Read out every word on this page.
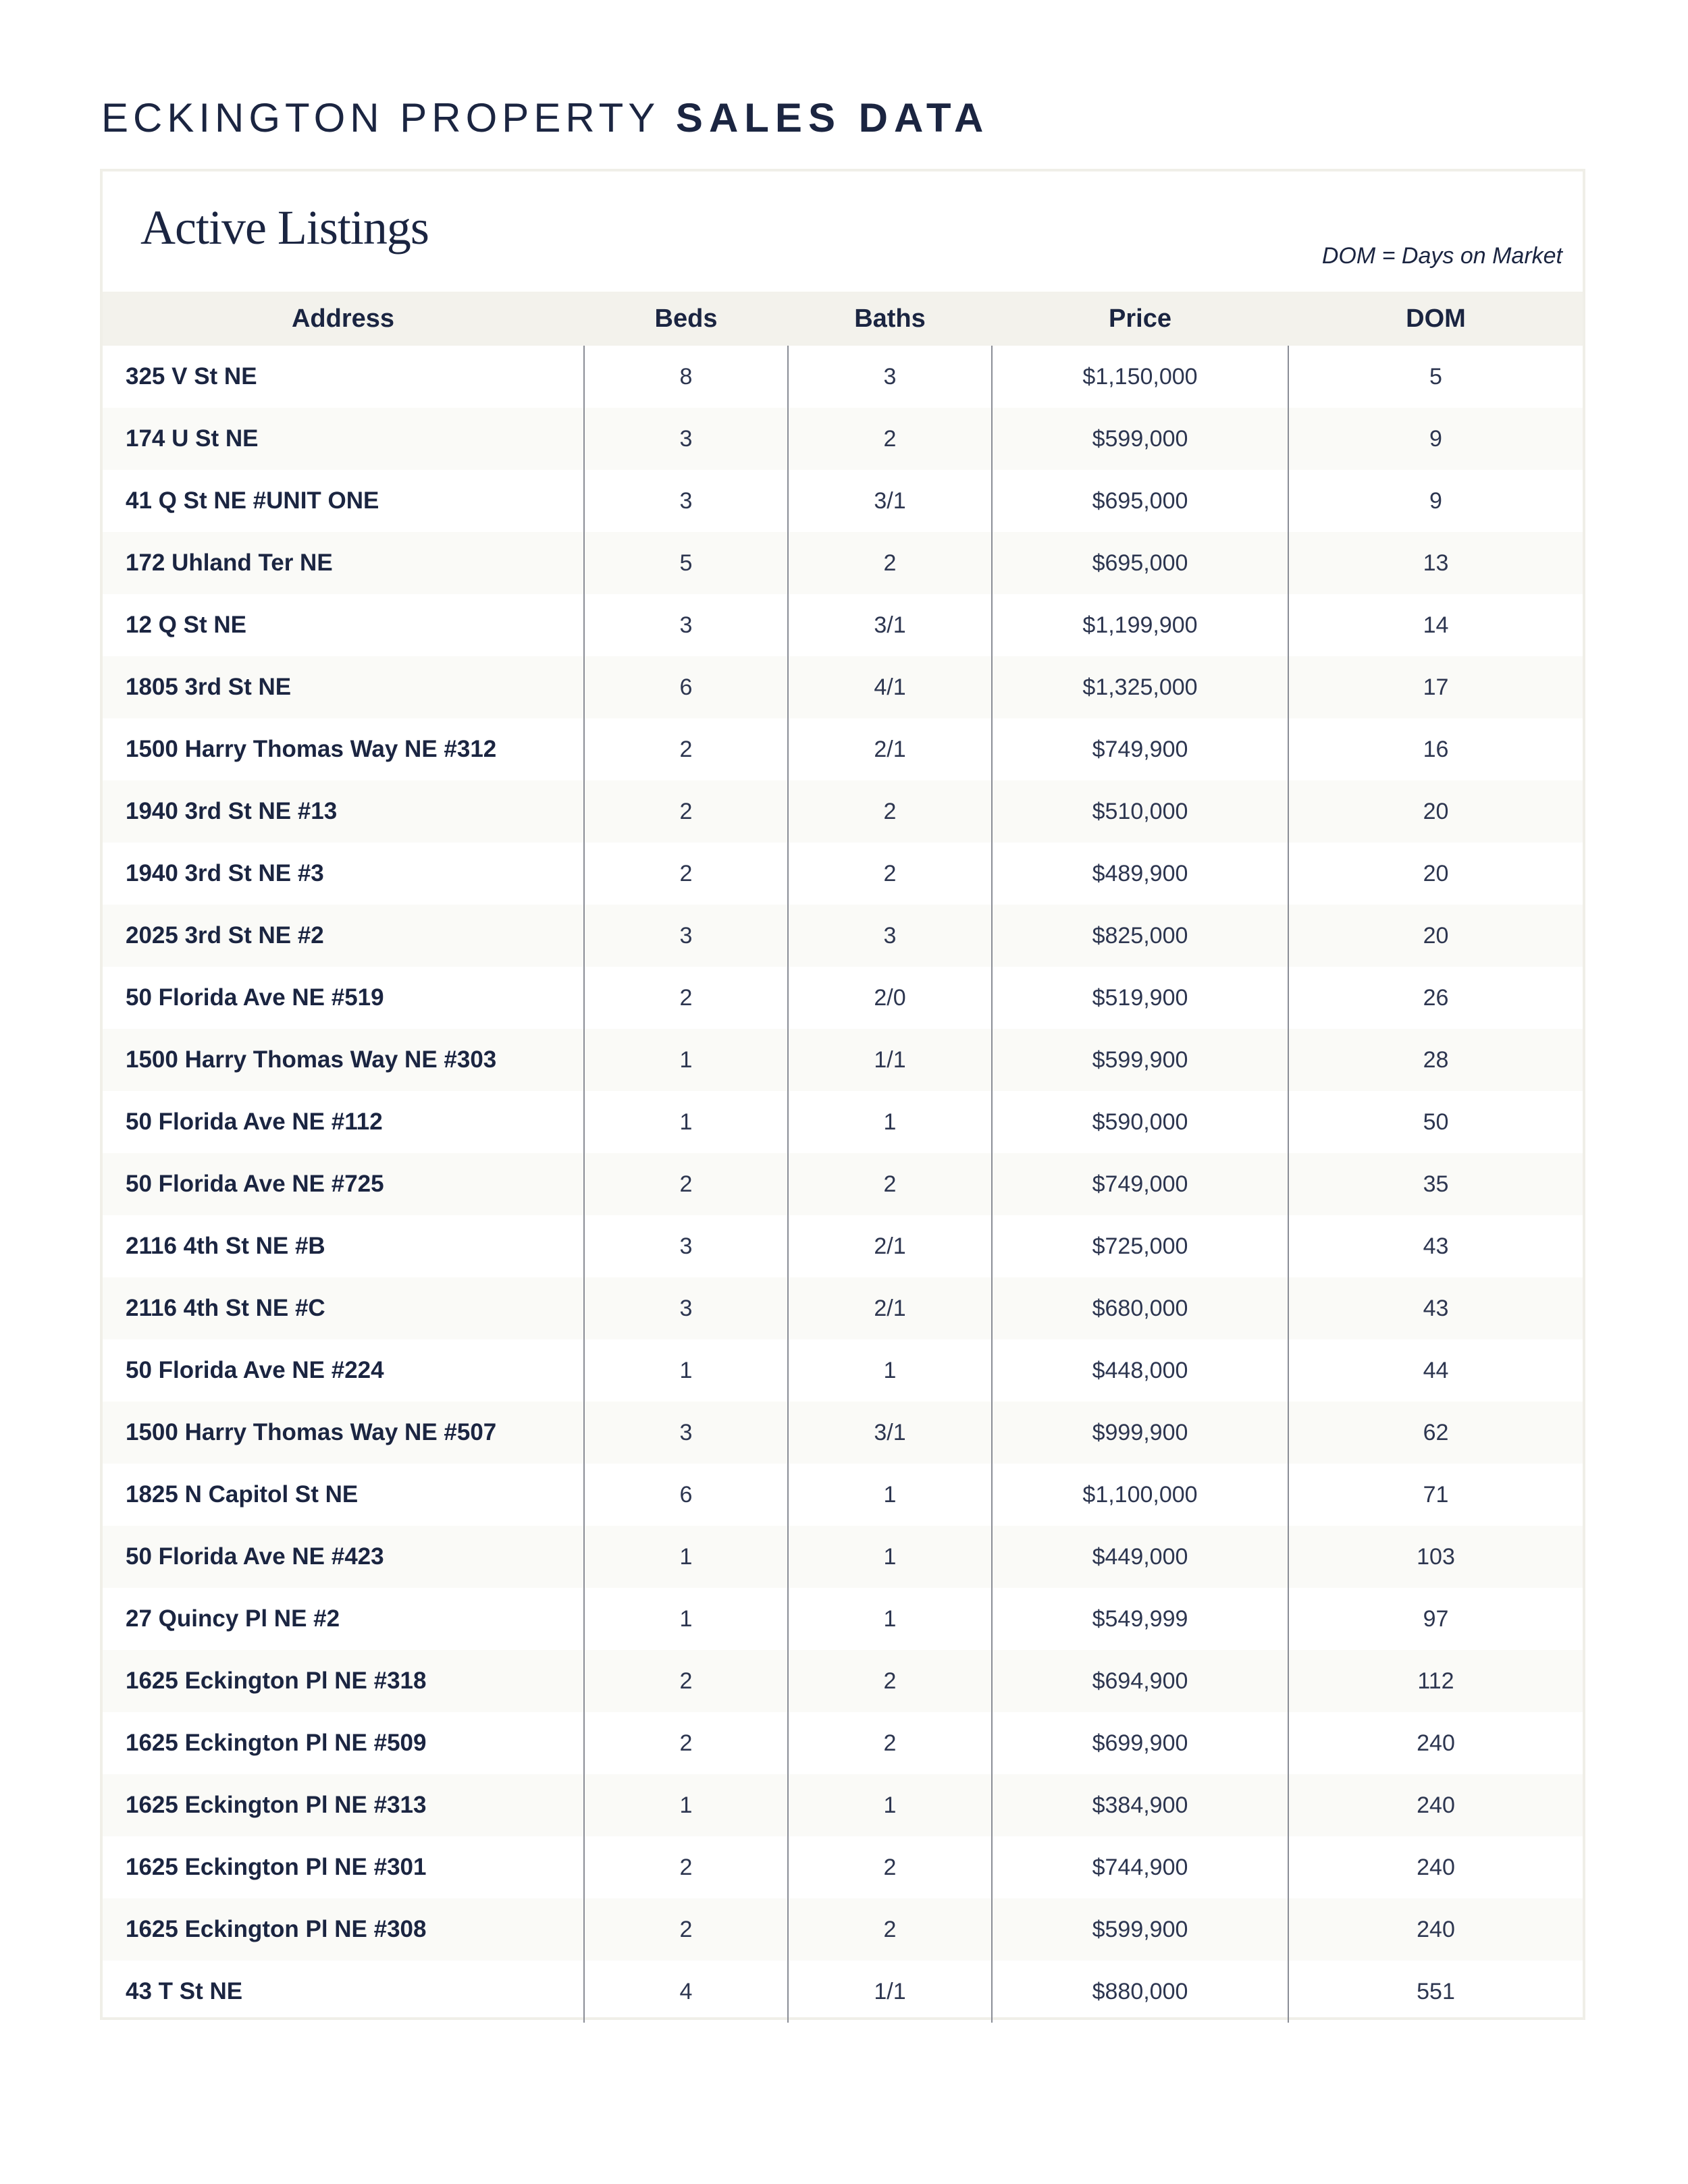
ECKINGTON PROPERTY SALES DATA
Active Listings
DOM = Days on Market
Address	Beds	Baths	Price	DOM
325 V St NE	8	3	$1,150,000	5
174 U St NE	3	2	$599,000	9
41 Q St NE #UNIT ONE	3	3/1	$695,000	9
172 Uhland Ter NE	5	2	$695,000	13
12 Q St NE	3	3/1	$1,199,900	14
1805 3rd St NE	6	4/1	$1,325,000	17
1500 Harry Thomas Way NE #312	2	2/1	$749,900	16
1940 3rd St NE #13	2	2	$510,000	20
1940 3rd St NE #3	2	2	$489,900	20
2025 3rd St NE #2	3	3	$825,000	20
50 Florida Ave NE #519	2	2/0	$519,900	26
1500 Harry Thomas Way NE #303	1	1/1	$599,900	28
50 Florida Ave NE #112	1	1	$590,000	50
50 Florida Ave NE #725	2	2	$749,000	35
2116 4th St NE #B	3	2/1	$725,000	43
2116 4th St NE #C	3	2/1	$680,000	43
50 Florida Ave NE #224	1	1	$448,000	44
1500 Harry Thomas Way NE #507	3	3/1	$999,900	62
1825 N Capitol St NE	6	1	$1,100,000	71
50 Florida Ave NE #423	1	1	$449,000	103
27 Quincy Pl NE #2	1	1	$549,999	97
1625 Eckington Pl NE #318	2	2	$694,900	112
1625 Eckington Pl NE #509	2	2	$699,900	240
1625 Eckington Pl NE #313	1	1	$384,900	240
1625 Eckington Pl NE #301	2	2	$744,900	240
1625 Eckington Pl NE #308	2	2	$599,900	240
43 T St NE	4	1/1	$880,000	551
